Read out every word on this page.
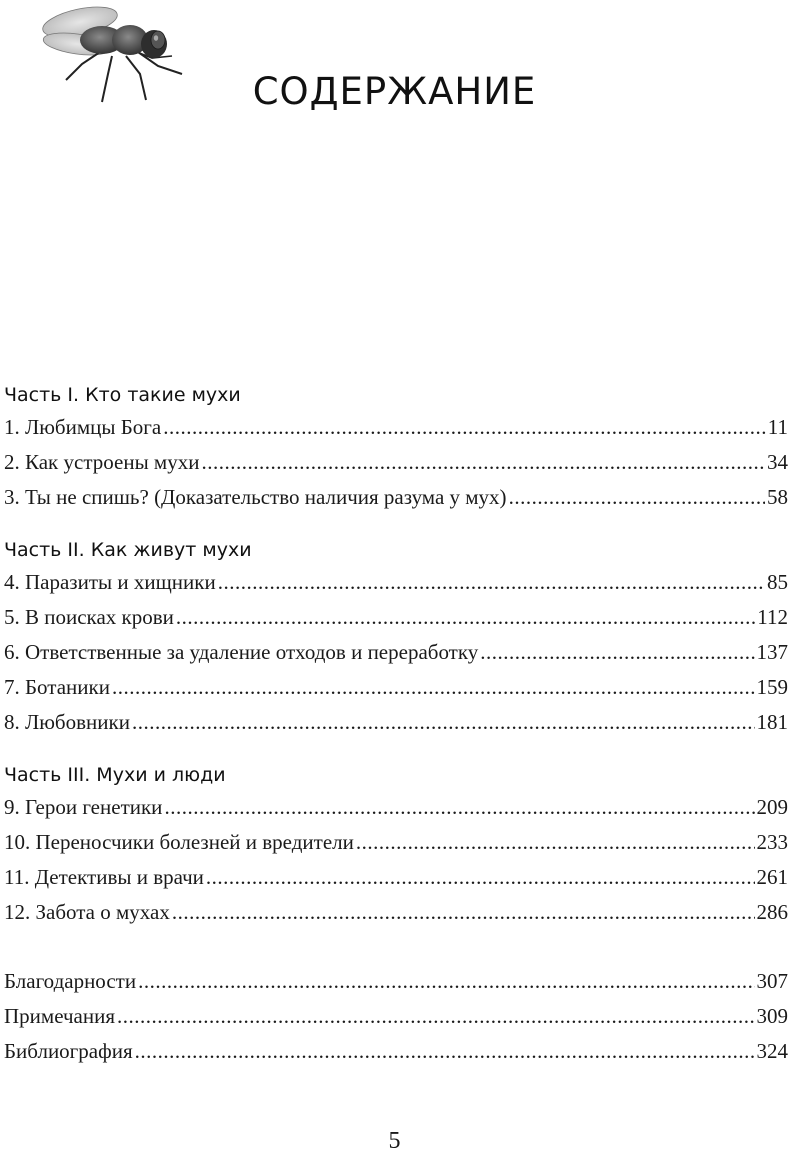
СОДЕРЖАНИЕ
Часть I. Кто такие мухи
1. Любимцы Бога .....	11
2. Как устроены мухи .....	34
3. Ты не спишь? (Доказательство наличия разума у мух) .....	58
Часть II. Как живут мухи
4. Паразиты и хищники .....	85
5. В поисках крови .....	112
6. Ответственные за удаление отходов и переработку .....	137
7. Ботаники .....	159
8. Любовники .....	181
Часть III. Мухи и люди
9. Герои генетики .....	209
10. Переносчики болезней и вредители .....	233
11. Детективы и врачи .....	261
12. Забота о мухах .....	286
Благодарности .....	307
Примечания .....	309
Библиография .....	324
5
